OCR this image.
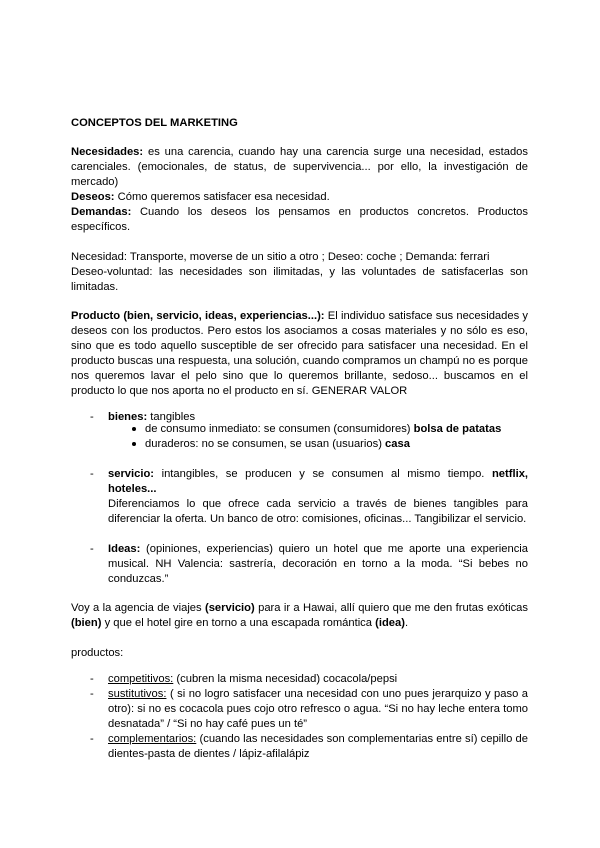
CONCEPTOS DEL MARKETING
Necesidades: es una carencia, cuando hay una carencia surge una necesidad, estados
carenciales. (emocionales, de status, de supervivencia... por ello, la investigación de
mercado)
Deseos: Cómo queremos satisfacer esa necesidad.
Demandas: Cuando los deseos los pensamos en productos concretos. Productos
específicos.
Necesidad: Transporte, moverse de un sitio a otro ; Deseo: coche ; Demanda: ferrari
Deseo-voluntad: las necesidades son ilimitadas, y las voluntades de satisfacerlas son
limitadas.
Producto (bien, servicio, ideas, experiencias...): El individuo satisface sus necesidades y
deseos con los productos. Pero estos los asociamos a cosas materiales y no sólo es eso,
sino que es todo aquello susceptible de ser ofrecido para satisfacer una necesidad. En el
producto buscas una respuesta, una solución, cuando compramos un champú no es porque
nos queremos lavar el pelo sino que lo queremos brillante, sedoso... buscamos en el
producto lo que nos aporta no el producto en sí. GENERAR VALOR
- bienes: tangibles
de consumo inmediato: se consumen (consumidores) bolsa de patatas
duraderos: no se consumen, se usan (usuarios) casa
- servicio: intangibles, se producen y se consumen al mismo tiempo. netflix,
hoteles...
Diferenciamos lo que ofrece cada servicio a través de bienes tangibles para
diferenciar la oferta. Un banco de otro: comisiones, oficinas... Tangibilizar el servicio.
- Ideas: (opiniones, experiencias) quiero un hotel que me aporte una experiencia
musical. NH Valencia: sastrería, decoración en torno a la moda. “Si bebes no
conduzcas.”
Voy a la agencia de viajes (servicio) para ir a Hawai, allí quiero que me den frutas exóticas
(bien) y que el hotel gire en torno a una escapada romántica (idea).
productos:
- competitivos: (cubren la misma necesidad) cocacola/pepsi
- sustitutivos: ( si no logro satisfacer una necesidad con uno pues jerarquizo y paso a
otro): si no es cocacola pues cojo otro refresco o agua. “Si no hay leche entera tomo
desnatada” / “Si no hay café pues un té”
- complementarios: (cuando las necesidades son complementarias entre sí) cepillo de
dientes-pasta de dientes / lápiz-afilalápiz
